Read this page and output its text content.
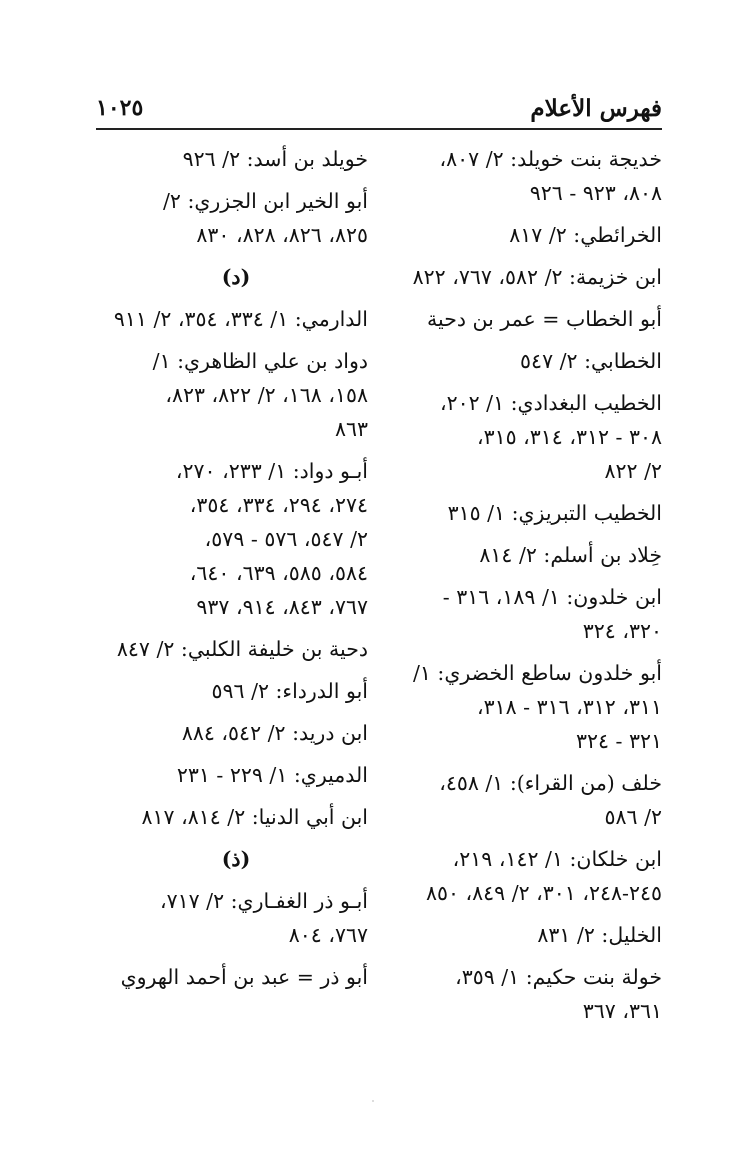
فهرس الأعلام
١٠٢٥
خديجة بنت خويلد: ٢/ ٨٠٧،
٨٠٨، ٩٢٣ - ٩٢٦
الخرائطي: ٢/ ٨١٧
ابن خزيمة: ٢/ ٥٨٢، ٧٦٧، ٨٢٢
أبو الخطاب = عمر بن دحية
الخطابي: ٢/ ٥٤٧
الخطيب البغدادي: ١/ ٢٠٢،
٣٠٨ - ٣١٢، ٣١٤، ٣١٥،
٢/ ٨٢٢
الخطيب التبريزي: ١/ ٣١٥
خِلاد بن أسلم: ٢/ ٨١٤
ابن خلدون: ١/ ١٨٩، ٣١٦ -
٣٢٠، ٣٢٤
أبو خلدون ساطع الخضري: ١/
٣١١، ٣١٢، ٣١٦ - ٣١٨،
٣٢١ - ٣٢٤
خلف (من القراء): ١/ ٤٥٨،
٢/ ٥٨٦
ابن خلكان: ١/ ١٤٢، ٢١٩،
٢٤٥-٢٤٨، ٣٠١، ٢/ ٨٤٩، ٨٥٠
الخليل: ٢/ ٨٣١
خولة بنت حكيم: ١/ ٣٥٩،
٣٦١، ٣٦٧
خويلد بن أسد: ٢/ ٩٢٦
أبو الخير ابن الجزري: ٢/
٨٢٥، ٨٢٦، ٨٢٨، ٨٣٠
(د)
الدارمي: ١/ ٣٣٤، ٣٥٤، ٢/ ٩١١
دواد بن علي الظاهري: ١/
١٥٨، ١٦٨، ٢/ ٨٢٢، ٨٢٣،
٨٦٣
أبـو دواد: ١/ ٢٣٣، ٢٧٠،
٢٧٤، ٢٩٤، ٣٣٤، ٣٥٤،
٢/ ٥٤٧، ٥٧٦ - ٥٧٩،
٥٨٤، ٥٨٥، ٦٣٩، ٦٤٠،
٧٦٧، ٨٤٣، ٩١٤، ٩٣٧
دحية بن خليفة الكلبي: ٢/ ٨٤٧
أبو الدرداء: ٢/ ٥٩٦
ابن دريد: ٢/ ٥٤٢، ٨٨٤
الدميري: ١/ ٢٢٩ - ٢٣١
ابن أبي الدنيا: ٢/ ٨١٤، ٨١٧
(ذ)
أبـو ذر الغفـاري: ٢/ ٧١٧،
٧٦٧، ٨٠٤
أبو ذر = عبد بن أحمد الهروي
